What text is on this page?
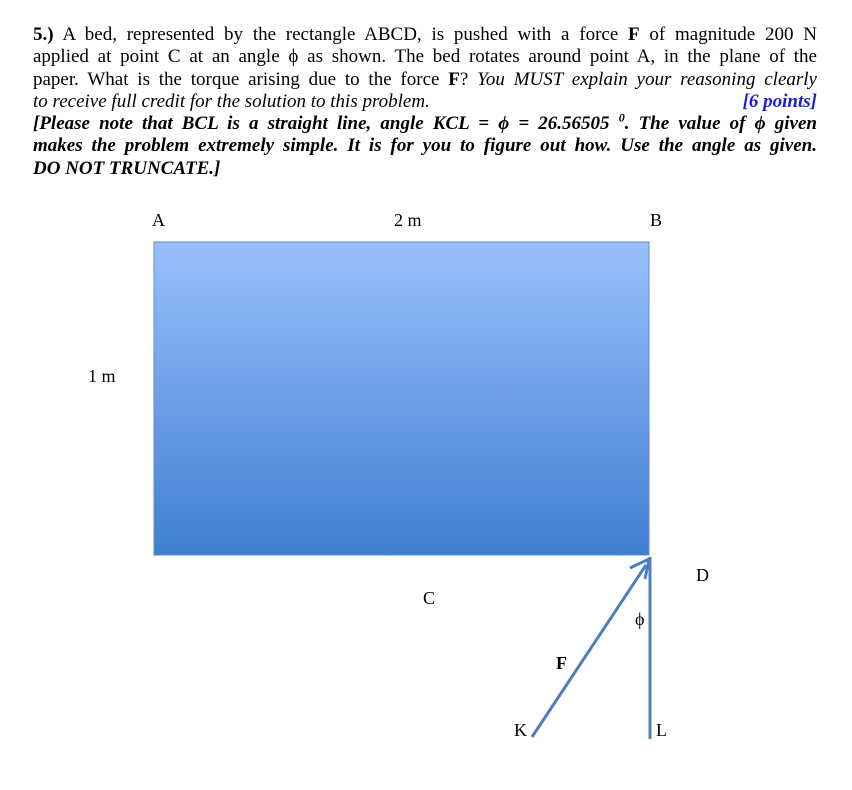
5.) A bed, represented by the rectangle ABCD, is pushed with a force F of magnitude 200 N
applied at point C at an angle ϕ as shown. The bed rotates around point A, in the plane of the
paper. What is the torque arising due to the force F? You MUST explain your reasoning clearly
to receive full credit for the solution to this problem.	[6 points]
[Please note that BCL is a straight line, angle KCL = ϕ = 26.56505 $^0$. The value of ϕ given
makes the problem extremely simple. It is for you to figure out how. Use the angle as given.
DO NOT TRUNCATE.]
A	2 m	B
1 m
D
C
ϕ
F
K	L
